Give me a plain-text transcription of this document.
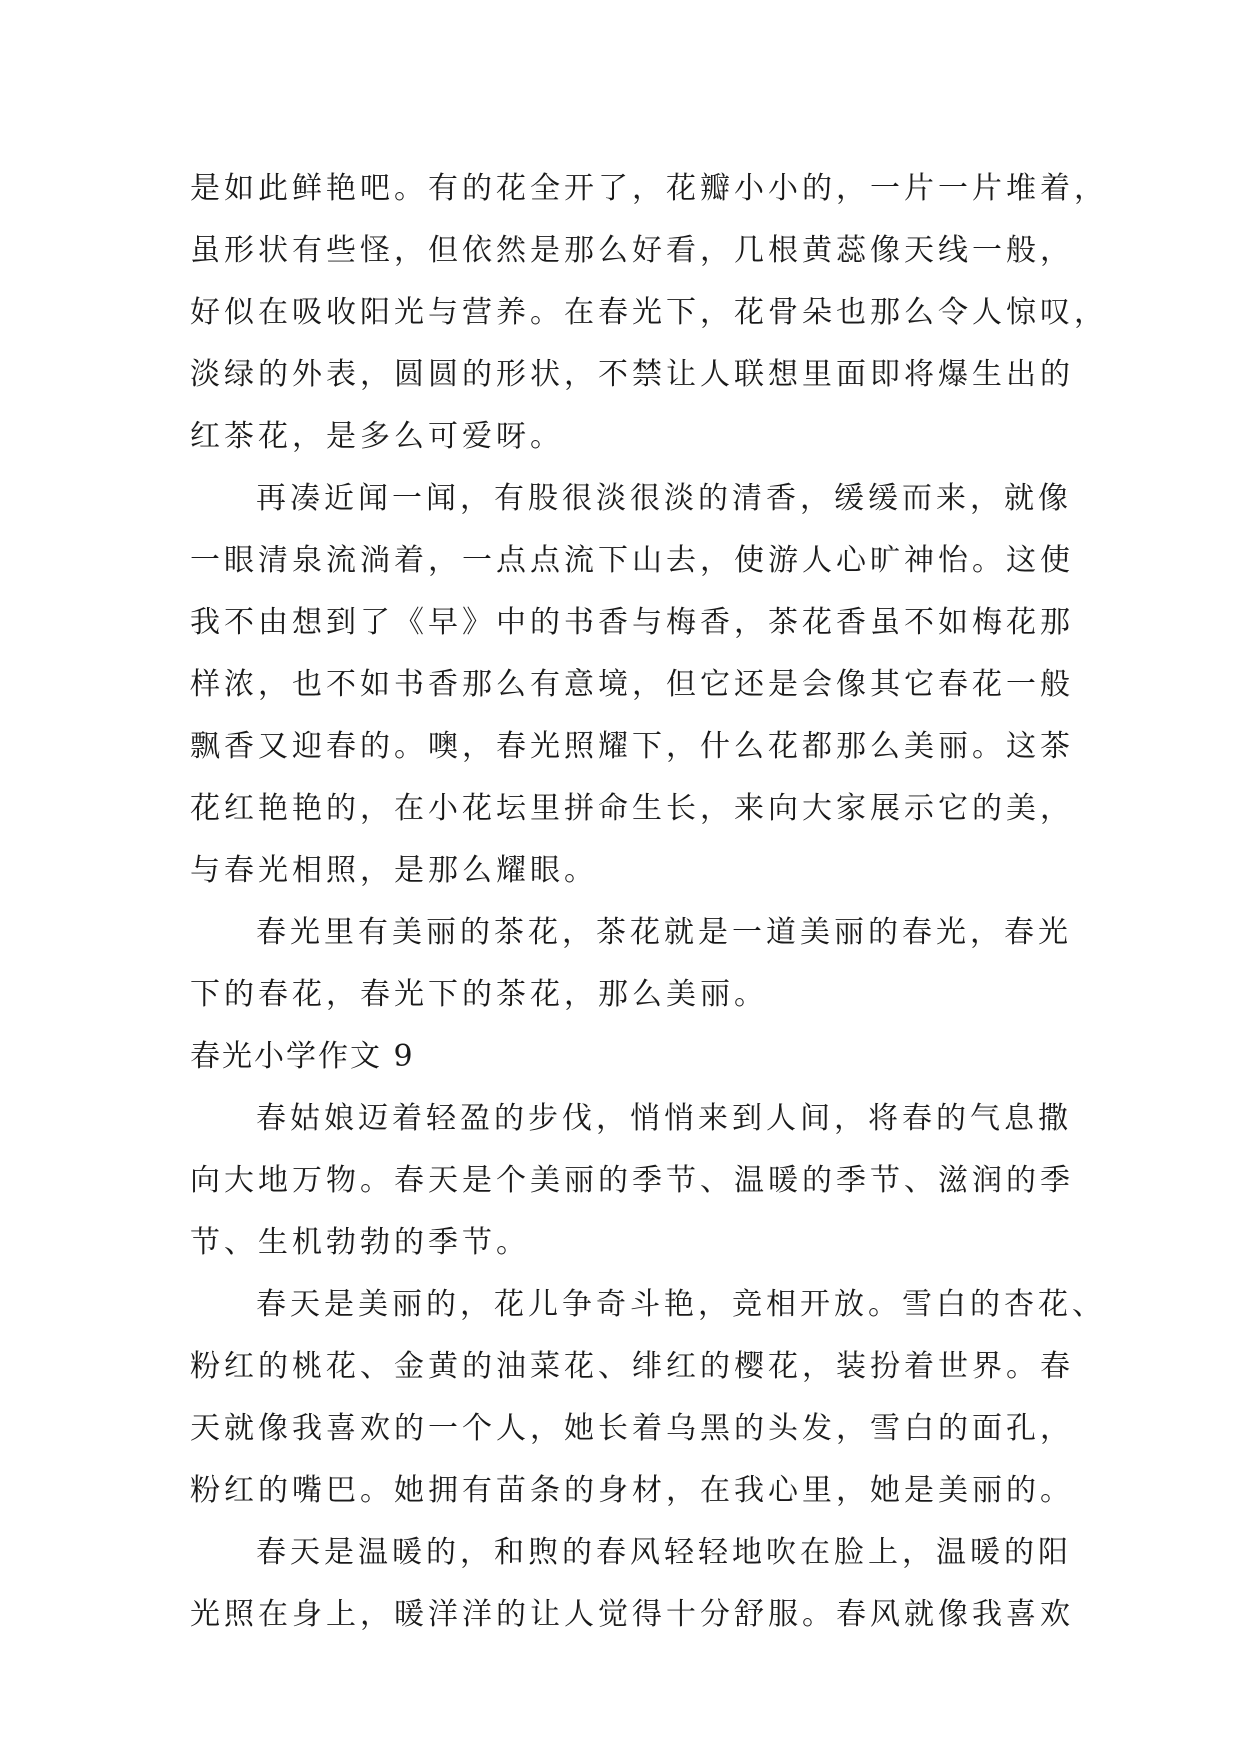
是如此鲜艳吧。有的花全开了，花瓣小小的，一片一片堆着，
虽形状有些怪，但依然是那么好看，几根黄蕊像天线一般，
好似在吸收阳光与营养。在春光下，花骨朵也那么令人惊叹，
淡绿的外表，圆圆的形状，不禁让人联想里面即将爆生出的
红茶花，是多么可爱呀。
再凑近闻一闻，有股很淡很淡的清香，缓缓而来，就像
一眼清泉流淌着，一点点流下山去，使游人心旷神怡。这使
我不由想到了《早》中的书香与梅香，茶花香虽不如梅花那
样浓，也不如书香那么有意境，但它还是会像其它春花一般
飘香又迎春的。噢，春光照耀下，什么花都那么美丽。这茶
花红艳艳的，在小花坛里拼命生长，来向大家展示它的美，
与春光相照，是那么耀眼。
春光里有美丽的茶花，茶花就是一道美丽的春光，春光
下的春花，春光下的茶花，那么美丽。
春光小学作文 9
春姑娘迈着轻盈的步伐，悄悄来到人间，将春的气息撒
向大地万物。春天是个美丽的季节、温暖的季节、滋润的季
节、生机勃勃的季节。
春天是美丽的，花儿争奇斗艳，竞相开放。雪白的杏花、
粉红的桃花、金黄的油菜花、绯红的樱花，装扮着世界。春
天就像我喜欢的一个人，她长着乌黑的头发，雪白的面孔，
粉红的嘴巴。她拥有苗条的身材，在我心里，她是美丽的。
春天是温暖的，和煦的春风轻轻地吹在脸上，温暖的阳
光照在身上，暖洋洋的让人觉得十分舒服。春风就像我喜欢
